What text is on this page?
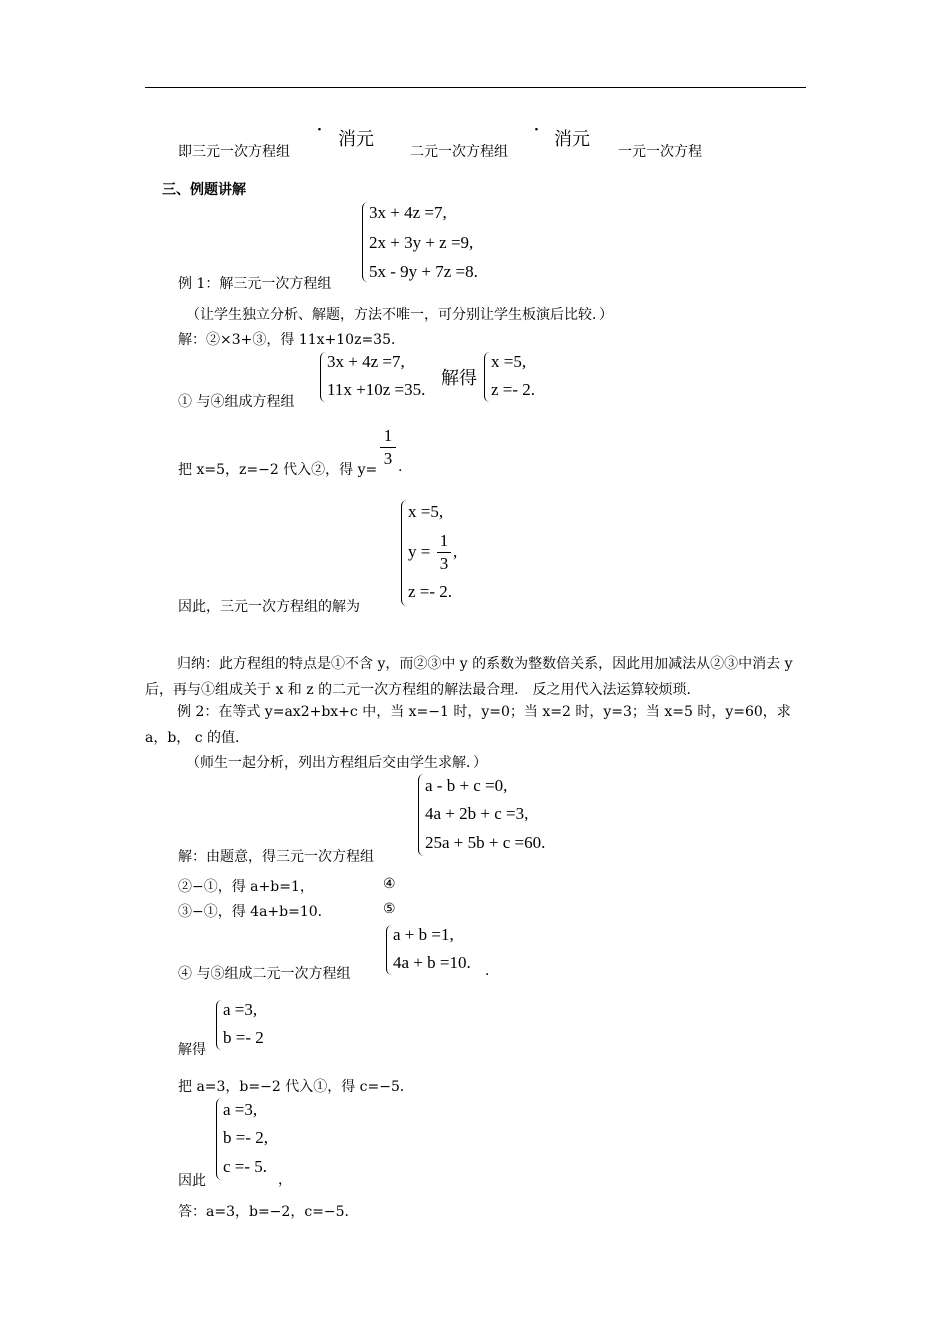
即三元一次方程组
· 消元
二元一次方程组
· 消元
一元一次方程
三、例题讲解
例 1：解三元一次方程组
3x + 4z =7,
2x + 3y + z =9,
5x - 9y + 7z =8.
（让学生独立分析、解题，方法不唯一，可分别让学生板演后比较．）
解：②×3+③，得 11x+10z=35．
① 与④组成方程组
3x + 4z =7,
11x +10z =35.
解得
x =5,
z =- 2.
把 x=5，z=−2 代入②，得 y=
1
3 .
因此，三元一次方程组的解为
x =5,
y =
1
3
,
z =- 2.
归纳：此方程组的特点是①不含 y，而②③中 y 的系数为整数倍关系，因此用加减法从②③中消去 y 后，再与①组成关于 x 和 z 的二元一次方程组的解法最合理． 反之用代入法运算较烦琐．
例 2：在等式 y=ax2+bx+c 中，当 x=−1 时，y=0；当 x=2 时，y=3；当 x=5 时，y=60，求 a，b， c 的值．
（师生一起分析，列出方程组后交由学生求解．）
解：由题意，得三元一次方程组
a - b + c =0,
4a + 2b + c =3,
25a + 5b + c =60.
②−①，得 a+b=1，	④
③−①，得 4a+b=10．	⑤
④ 与⑤组成二元一次方程组
a + b =1,
4a + b =10. .
解得
a =3,
b =- 2
把 a=3，b=−2 代入①，得 c=−5．
因此
a =3,
b =- 2,
c =- 5.
，
答：a=3，b=−2，c=−5．
